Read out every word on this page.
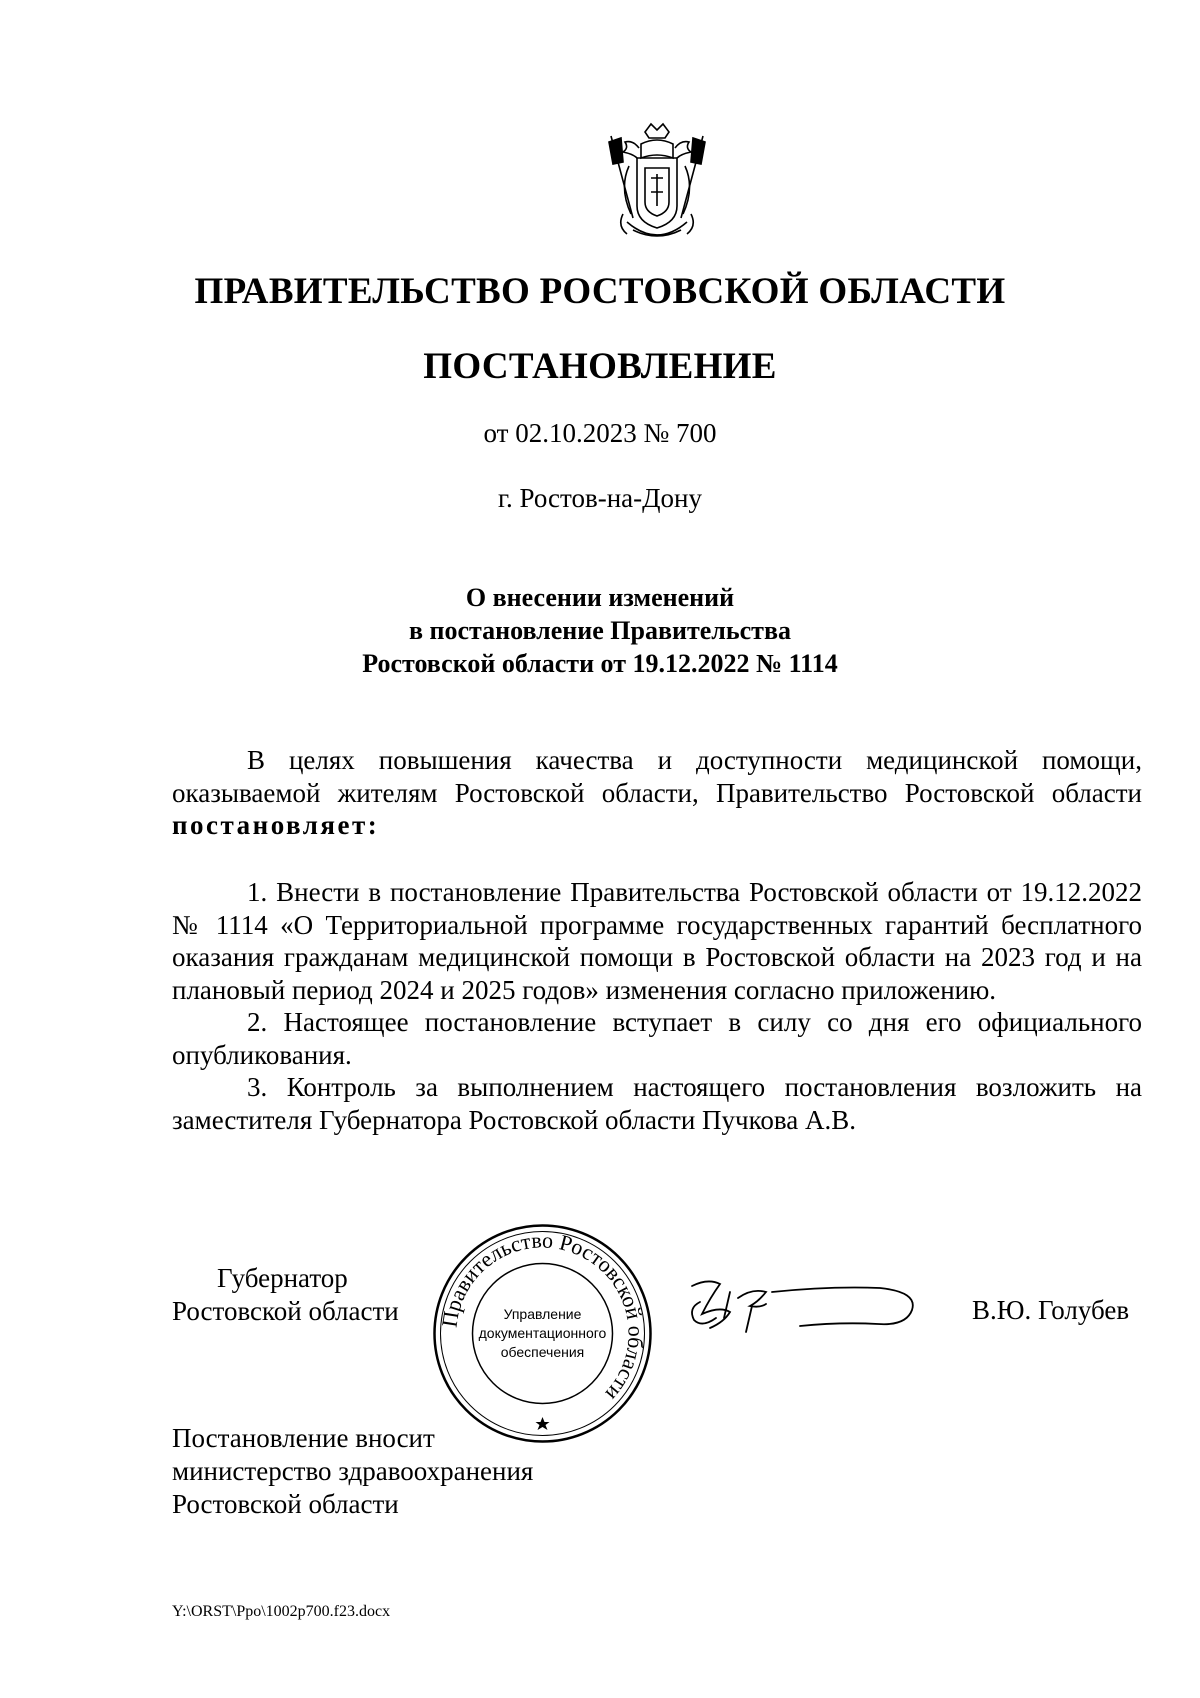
ПРАВИТЕЛЬСТВО РОСТОВСКОЙ ОБЛАСТИ
ПОСТАНОВЛЕНИЕ
от 02.10.2023 № 700
г. Ростов-на-Дону
О внесении изменений
в постановление Правительства
Ростовской области от 19.12.2022 № 1114

В целях повышения качества и доступности медицинской помощи, оказываемой жителям Ростовской области, Правительство Ростовской области постановляет:

1. Внести в постановление Правительства Ростовской области от 19.12.2022 № 1114 «О Территориальной программе государственных гарантий бесплатного оказания гражданам медицинской помощи в Ростовской области на 2023 год и на плановый период 2024 и 2025 годов» изменения согласно приложению.

2. Настоящее постановление вступает в силу со дня его официального опубликования.

3. Контроль за выполнением настоящего постановления возложить на заместителя Губернатора Ростовской области Пучкова А.В.

Губернатор
Ростовской области Правительство Ростовской области
Управление
документационного
обеспечения
В.Ю. Голубев
Постановление вносит
министерство здравоохранения
Ростовской области
Y:\ORST\Ppo\1002p700.f23.docx
